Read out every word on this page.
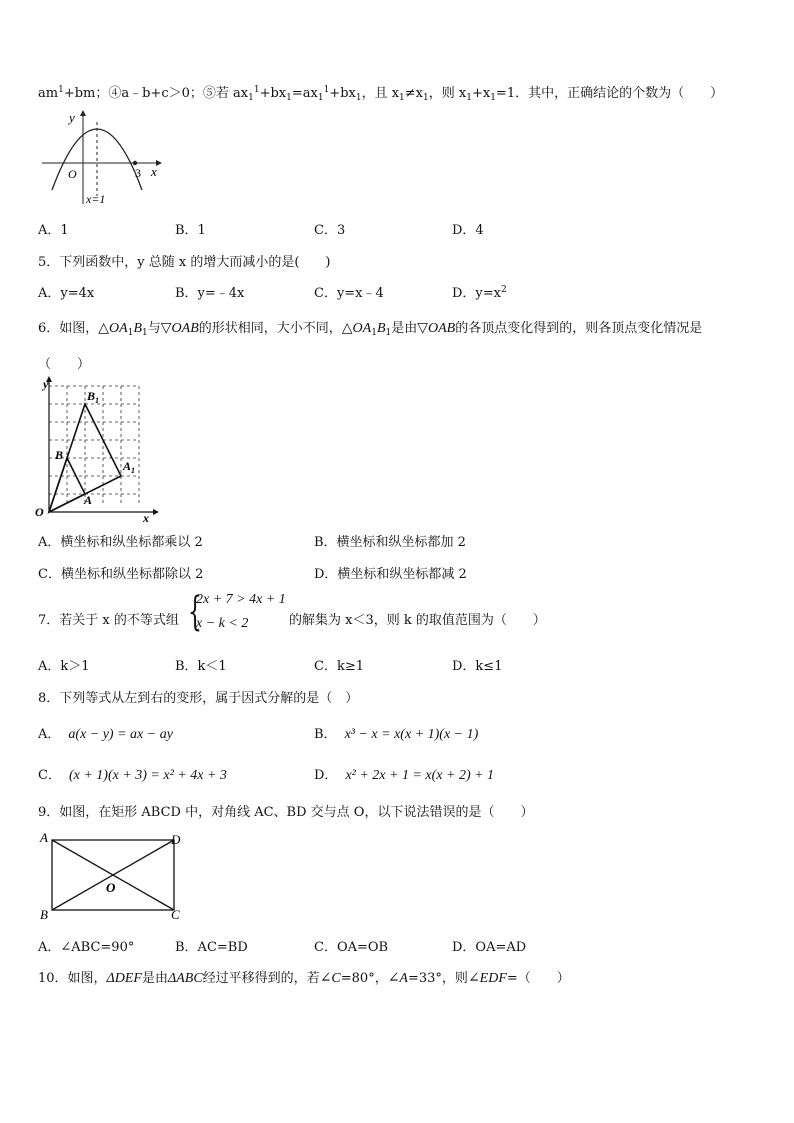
$am^1+bm$；④a﹣b+c＞0；⑤若 $ax_1^1+bx_1=ax_1^1+bx_1$，且 $x_1\ne x_1$，则 $x_1+x_1=1$．其中，正确结论的个数为（　　）
y
x
O	3
x=1
A．1	B．1	C．3	D．4
5．下列函数中，y 总随 x 的增大而减小的是(　　)
A．y=4x	B．y=﹣4x	C．y=x﹣4	D．$y=x^2$
6．如图，$\triangle OA_1B_1$与▽OAB的形状相同，大小不同，$\triangle OA_1B_1$是由▽OAB的各顶点变化得到的，则各顶点变化情况是
（　　）
O
y
x
A
B
$A_1$
$B_1$
A．横坐标和纵坐标都乘以 2	B．横坐标和纵坐标都加 2
C．横坐标和纵坐标都除以 2	D．横坐标和纵坐标都减 2
7．若关于 x 的不等式组 {
2x + 7 > 4x + 1
x − k < 2	的解集为 x＜3，则 k 的取值范围为（　　）
A．k＞1	B．k＜1	C．k≥1	D．k≤1
8．下列等式从左到右的变形，属于因式分解的是（　）
A． a(x − y) = ax − ay	B． x³ − x = x(x + 1)(x − 1)
C． (x + 1)(x + 3) = x² + 4x + 3	D． x² + 2x + 1 = x(x + 2) + 1
9．如图，在矩形 ABCD 中，对角线 AC、BD 交与点 O，以下说法错误的是（　　）
A
B	C
D
O
A．∠ABC=90°	B．AC=BD	C．OA=OB	D．OA=AD
10．如图，ΔDEF是由ΔABC经过平移得到的，若∠C=80°，∠A=33°，则∠EDF=（　　）
